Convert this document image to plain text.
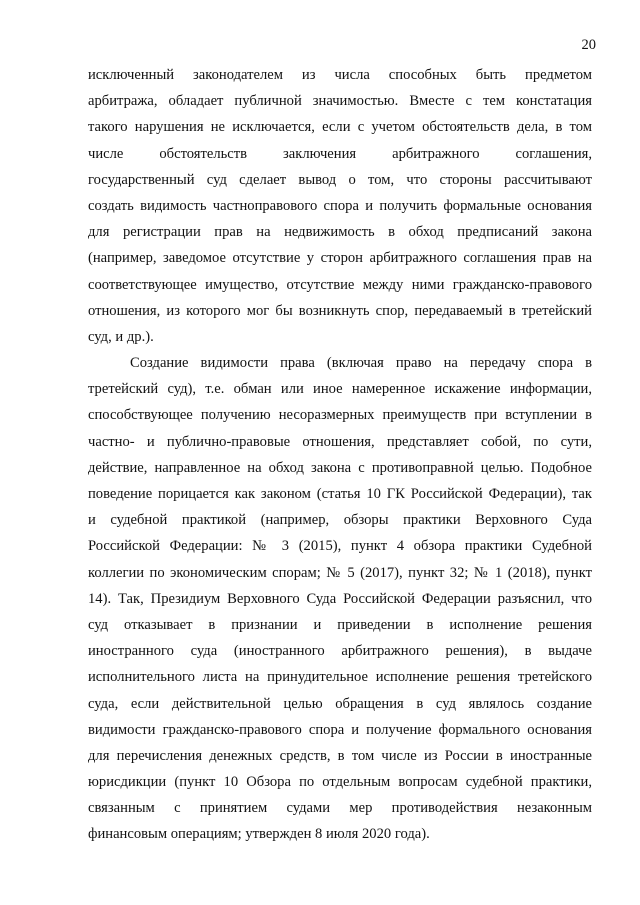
20
исключенный законодателем из числа способных быть предметом
арбитража, обладает публичной значимостью. Вместе с тем констатация
такого нарушения не исключается, если с учетом обстоятельств дела, в том
числе обстоятельств заключения арбитражного соглашения,
государственный суд сделает вывод о том, что стороны рассчитывают
создать видимость частноправового спора и получить формальные основания
для регистрации прав на недвижимость в обход предписаний закона
(например, заведомое отсутствие у сторон арбитражного соглашения прав на
соответствующее имущество, отсутствие между ними гражданско-правового
отношения, из которого мог бы возникнуть спор, передаваемый в третейский
суд, и др.).
Создание видимости права (включая право на передачу спора в
третейский суд), т.е. обман или иное намеренное искажение информации,
способствующее получению несоразмерных преимуществ при вступлении в
частно- и публично-правовые отношения, представляет собой, по сути,
действие, направленное на обход закона с противоправной целью. Подобное
поведение порицается как законом (статья 10 ГК Российской Федерации), так
и судебной практикой (например, обзоры практики Верховного Суда
Российской Федерации: № 3 (2015), пункт 4 обзора практики Судебной
коллегии по экономическим спорам; № 5 (2017), пункт 32; № 1 (2018), пункт
14). Так, Президиум Верховного Суда Российской Федерации разъяснил, что
суд отказывает в признании и приведении в исполнение решения
иностранного суда (иностранного арбитражного решения), в выдаче
исполнительного листа на принудительное исполнение решения третейского
суда, если действительной целью обращения в суд являлось создание
видимости гражданско-правового спора и получение формального основания
для перечисления денежных средств, в том числе из России в иностранные
юрисдикции (пункт 10 Обзора по отдельным вопросам судебной практики,
связанным с принятием судами мер противодействия незаконным
финансовым операциям; утвержден 8 июля 2020 года).
